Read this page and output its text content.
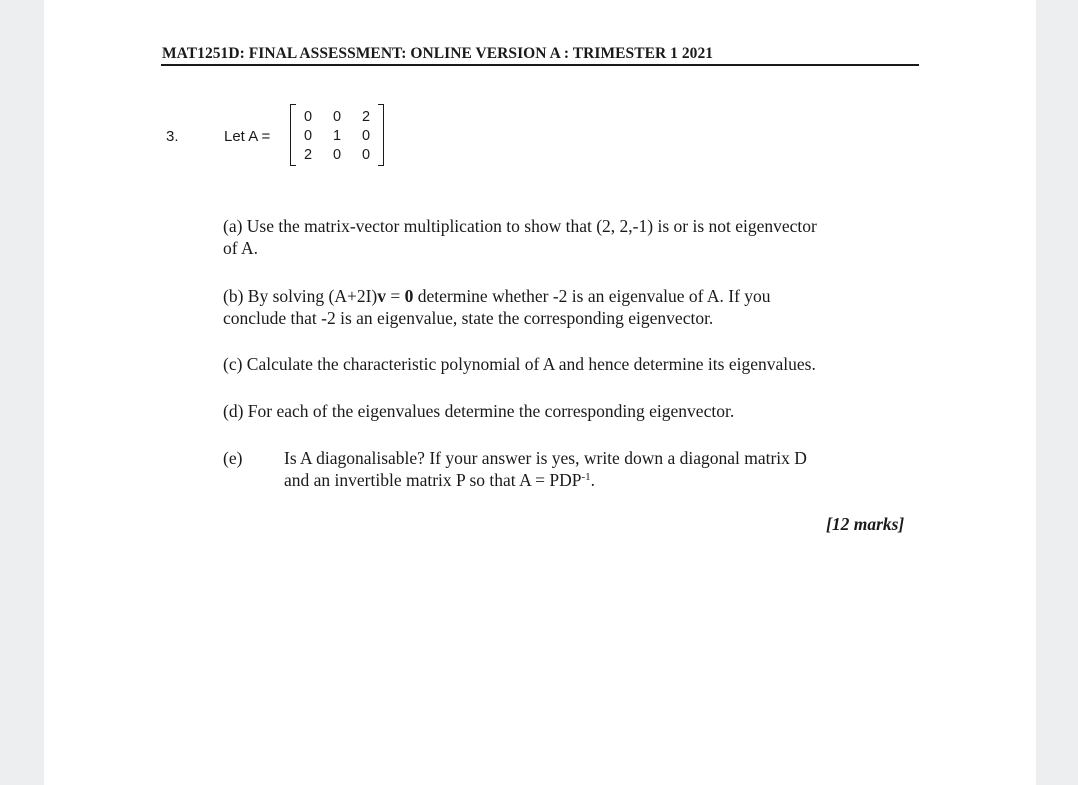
MAT1251D: FINAL ASSESSMENT: ONLINE VERSION A : TRIMESTER 1 2021
3.	Let A =
0 0 2
0 1 0
2 0 0
(a) Use the matrix-vector multiplication to show that (2, 2,-1) is or is not eigenvector
of A.
(b) By solving (A+2I)v = 0 determine whether -2 is an eigenvalue of A. If you
conclude that -2 is an eigenvalue, state the corresponding eigenvector.
(c) Calculate the characteristic polynomial of A and hence determine its eigenvalues.
(d) For each of the eigenvalues determine the corresponding eigenvector.
(e) Is A diagonalisable? If your answer is yes, write down a diagonal matrix D
and an invertible matrix P so that $A = PDP^{-1}$.
[12 marks]
